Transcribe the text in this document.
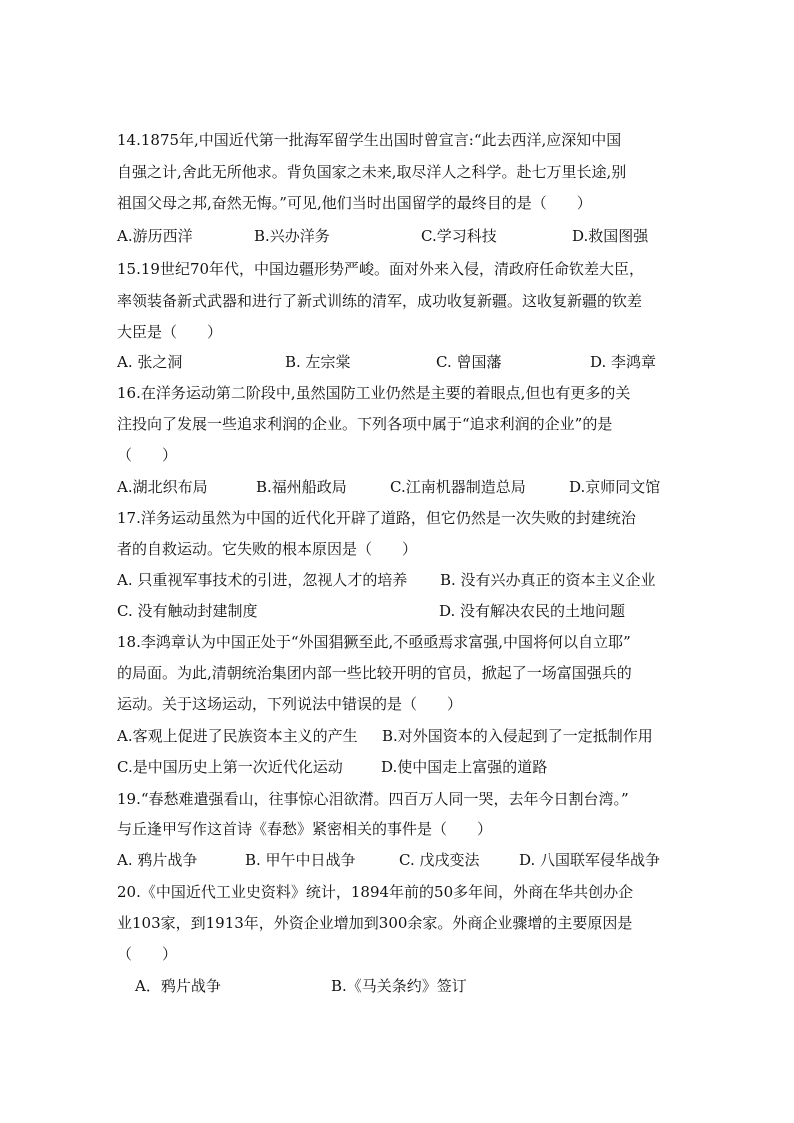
14.1875年,中国近代第一批海军留学生出国时曾宣言:“此去西洋,应深知中国
自强之计,舍此无所他求。背负国家之未来,取尽洋人之科学。赴七万里长途,别
祖国父母之邦,奋然无悔。”可见,他们当时出国留学的最终目的是（　　）
A.游历西洋	B.兴办洋务	C.学习科技	D.救国图强
15.19世纪70年代，中国边疆形势严峻。面对外来入侵，清政府任命钦差大臣，
率领装备新式武器和进行了新式训练的清军，成功收复新疆。这收复新疆的钦差
大臣是（　　）
A. 张之洞	B. 左宗棠	C. 曾国藩	D. 李鸿章
16.在洋务运动第二阶段中,虽然国防工业仍然是主要的着眼点,但也有更多的关
注投向了发展一些追求利润的企业。下列各项中属于“追求利润的企业”的是
（　　）
A.湖北织布局	B.福州船政局	C.江南机器制造总局	D.京师同文馆
17.洋务运动虽然为中国的近代化开辟了道路，但它仍然是一次失败的封建统治
者的自救运动。它失败的根本原因是（　　）
A. 只重视军事技术的引进，忽视人才的培养 B. 没有兴办真正的资本主义企业
C. 没有触动封建制度	D. 没有解决农民的土地问题
18.李鸿章认为中国正处于“外国猖獗至此,不亟亟焉求富强,中国将何以自立耶”
的局面。为此,清朝统治集团内部一些比较开明的官员，掀起了一场富国强兵的
运动。关于这场运动，下列说法中错误的是（　　）
A.客观上促进了民族资本主义的产生 B.对外国资本的入侵起到了一定抵制作用
C.是中国历史上第一次近代化运动	D.使中国走上富强的道路
19.“春愁难遣强看山，往事惊心泪欲潸。四百万人同一哭，去年今日割台湾。”
与丘逢甲写作这首诗《春愁》紧密相关的事件是（　　）
A. 鸦片战争	B. 甲午中日战争	C. 戊戌变法	D. 八国联军侵华战争
20.《中国近代工业史资料》统计，1894年前的50多年间，外商在华共创办企
业103家，到1913年，外资企业增加到300余家。外商企业骤增的主要原因是
（　　）
A．鸦片战争	B.《马关条约》签订
